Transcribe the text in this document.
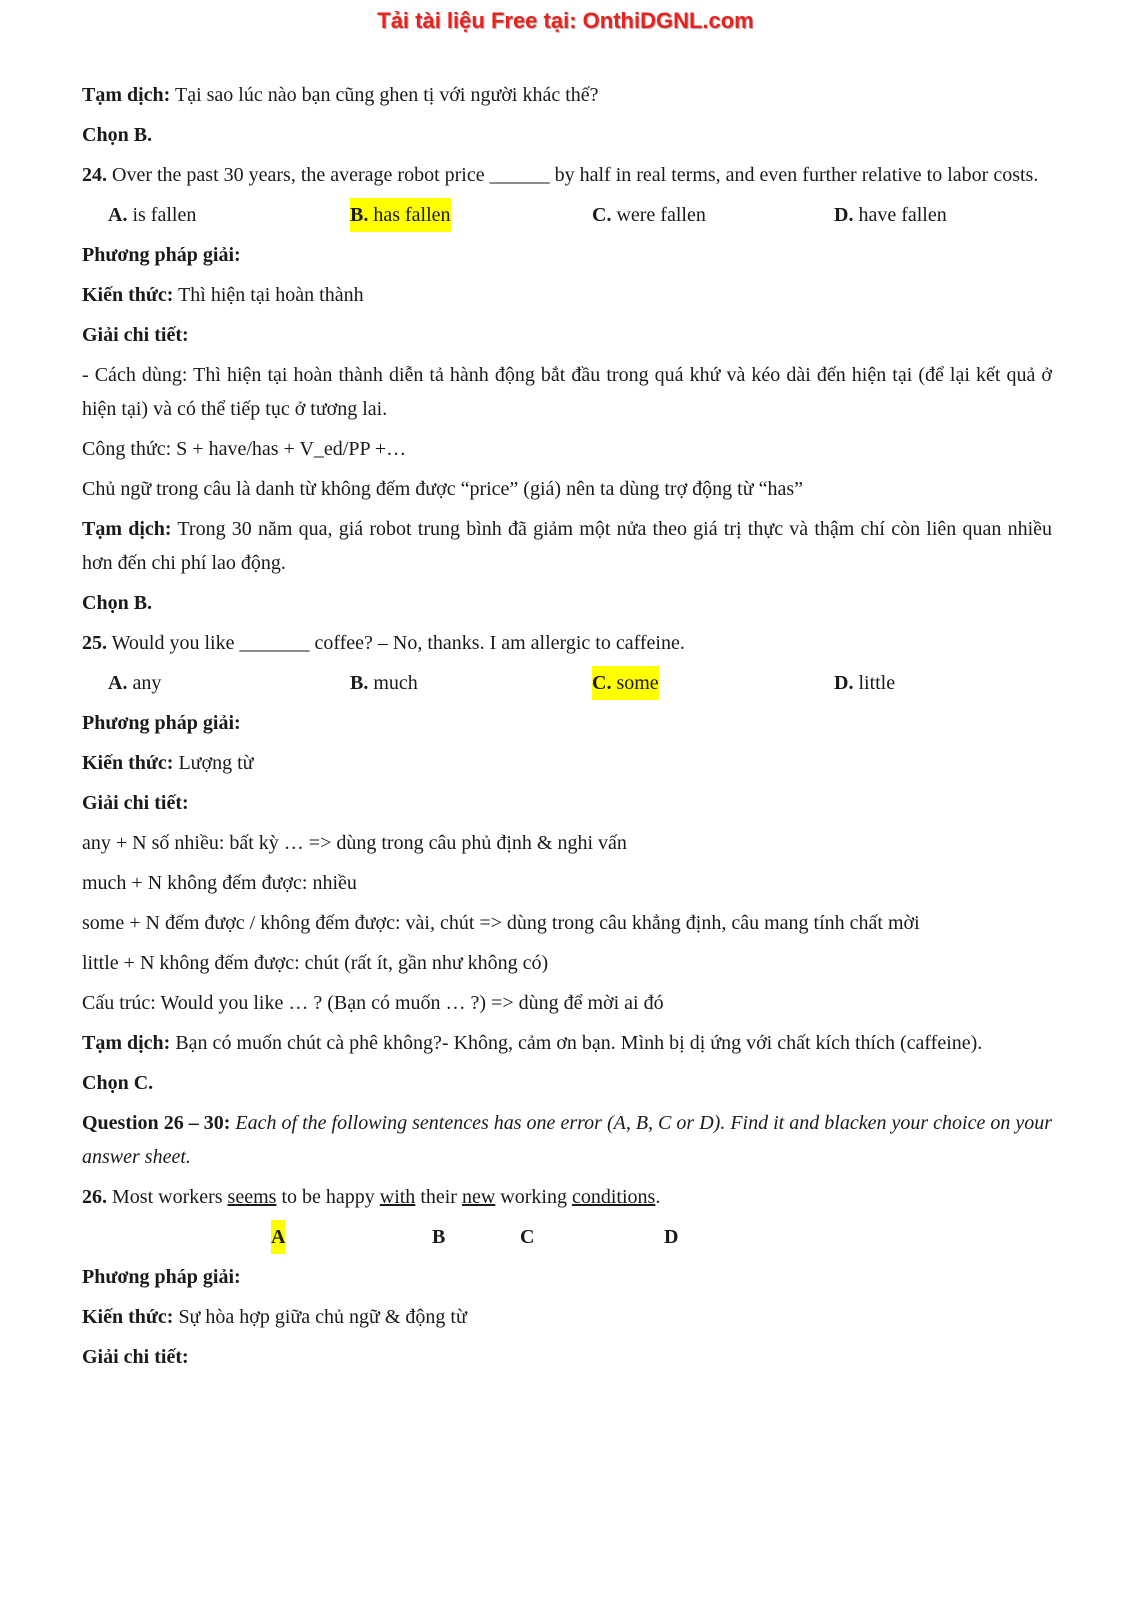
Tải tài liệu Free tại: OnthiDGNL.com

Tạm dịch: Tại sao lúc nào bạn cũng ghen tị với người khác thế?

Chọn B.

24. Over the past 30 years, the average robot price ______ by half in real terms, and even further relative to labor costs.

A. is fallen	B. has fallen	C. were fallen	D. have fallen

Phương pháp giải:

Kiến thức: Thì hiện tại hoàn thành

Giải chi tiết:

- Cách dùng: Thì hiện tại hoàn thành diễn tả hành động bắt đầu trong quá khứ và kéo dài đến hiện tại (để lại kết quả ở hiện tại) và có thể tiếp tục ở tương lai.

Công thức: S + have/has + V_ed/PP +…

Chủ ngữ trong câu là danh từ không đếm được “price” (giá) nên ta dùng trợ động từ “has”

Tạm dịch: Trong 30 năm qua, giá robot trung bình đã giảm một nửa theo giá trị thực và thậm chí còn liên quan nhiều hơn đến chi phí lao động.

Chọn B.

25. Would you like _______ coffee? – No, thanks. I am allergic to caffeine.

A. any	B. much	C. some	D. little

Phương pháp giải:

Kiến thức: Lượng từ

Giải chi tiết:

any + N số nhiều: bất kỳ … => dùng trong câu phủ định & nghi vấn

much + N không đếm được: nhiều

some + N đếm được / không đếm được: vài, chút => dùng trong câu khẳng định, câu mang tính chất mời

little + N không đếm được: chút (rất ít, gần như không có)

Cấu trúc: Would you like … ? (Bạn có muốn … ?) => dùng để mời ai đó

Tạm dịch: Bạn có muốn chút cà phê không?- Không, cảm ơn bạn. Mình bị dị ứng với chất kích thích (caffeine).

Chọn C.

Question 26 – 30: Each of the following sentences has one error (A, B, C or D). Find it and blacken your choice on your answer sheet.

26. Most workers seems to be happy with their new working conditions.

A	B	C	D

Phương pháp giải:

Kiến thức: Sự hòa hợp giữa chủ ngữ & động từ

Giải chi tiết:
